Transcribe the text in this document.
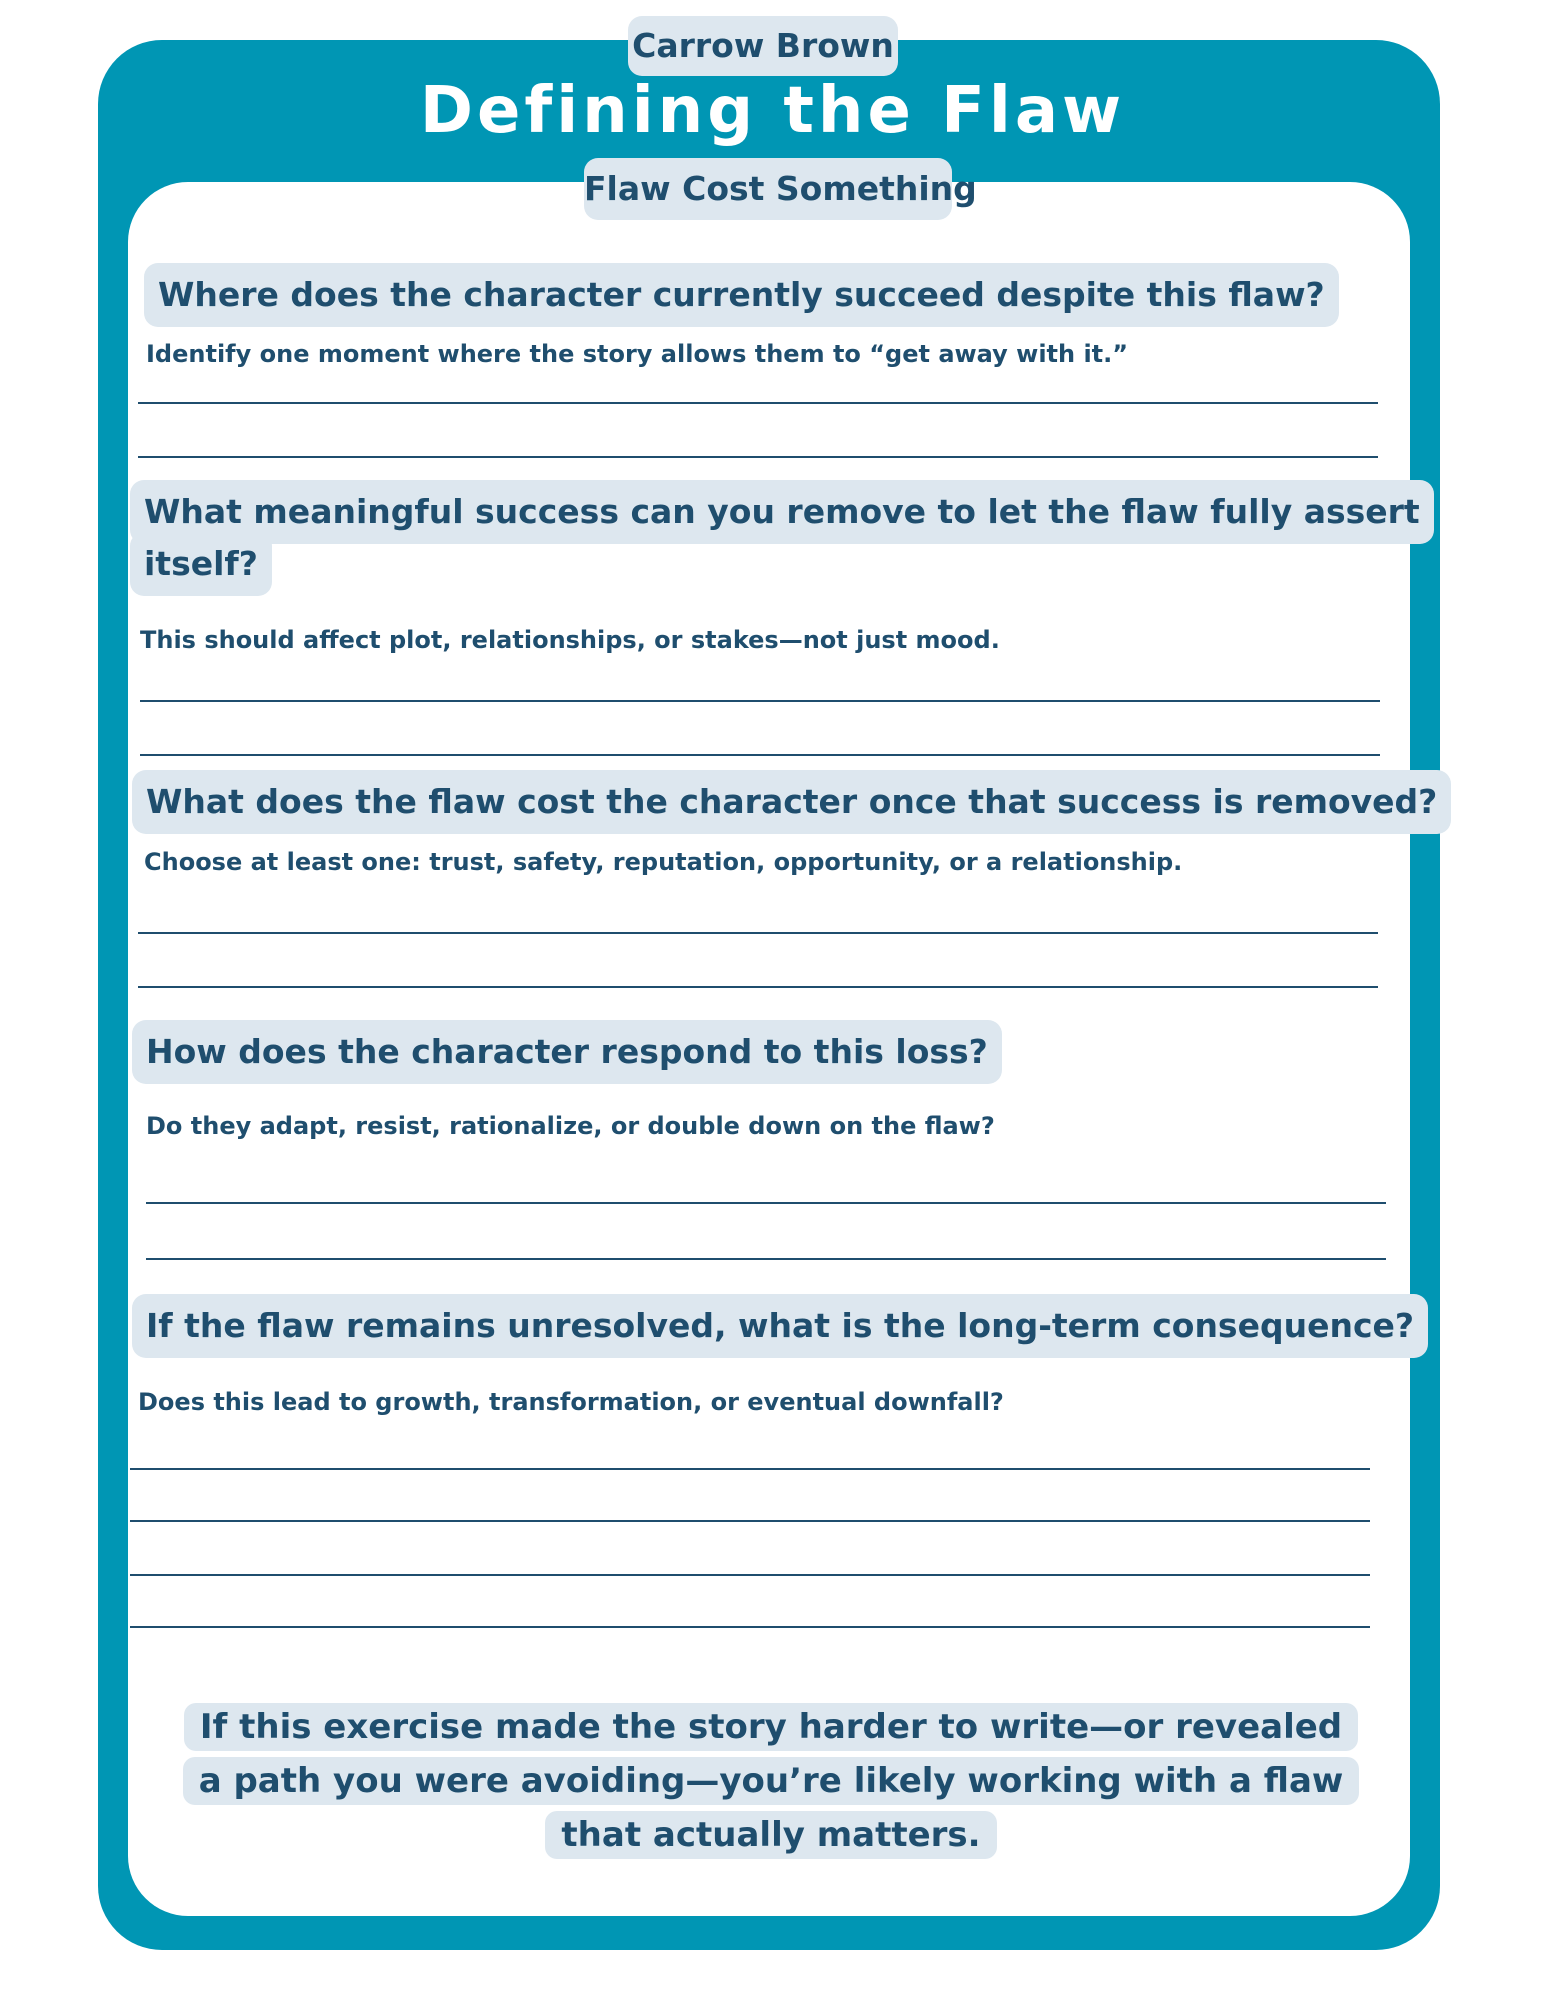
Carrow Brown
Defining the Flaw
Flaw Cost Something
Where does the character currently succeed despite this flaw?
Identify one moment where the story allows them to “get away with it.”
What meaningful success can you remove to let the flaw fully assert
itself?
This should affect plot, relationships, or stakes—not just mood.
What does the flaw cost the character once that success is removed?
Choose at least one: trust, safety, reputation, opportunity, or a relationship.
How does the character respond to this loss?
Do they adapt, resist, rationalize, or double down on the flaw?
If the flaw remains unresolved, what is the long-term consequence?
Does this lead to growth, transformation, or eventual downfall?
If this exercise made the story harder to write—or revealed a path you were avoiding—you’re likely working with a flaw that actually matters.
